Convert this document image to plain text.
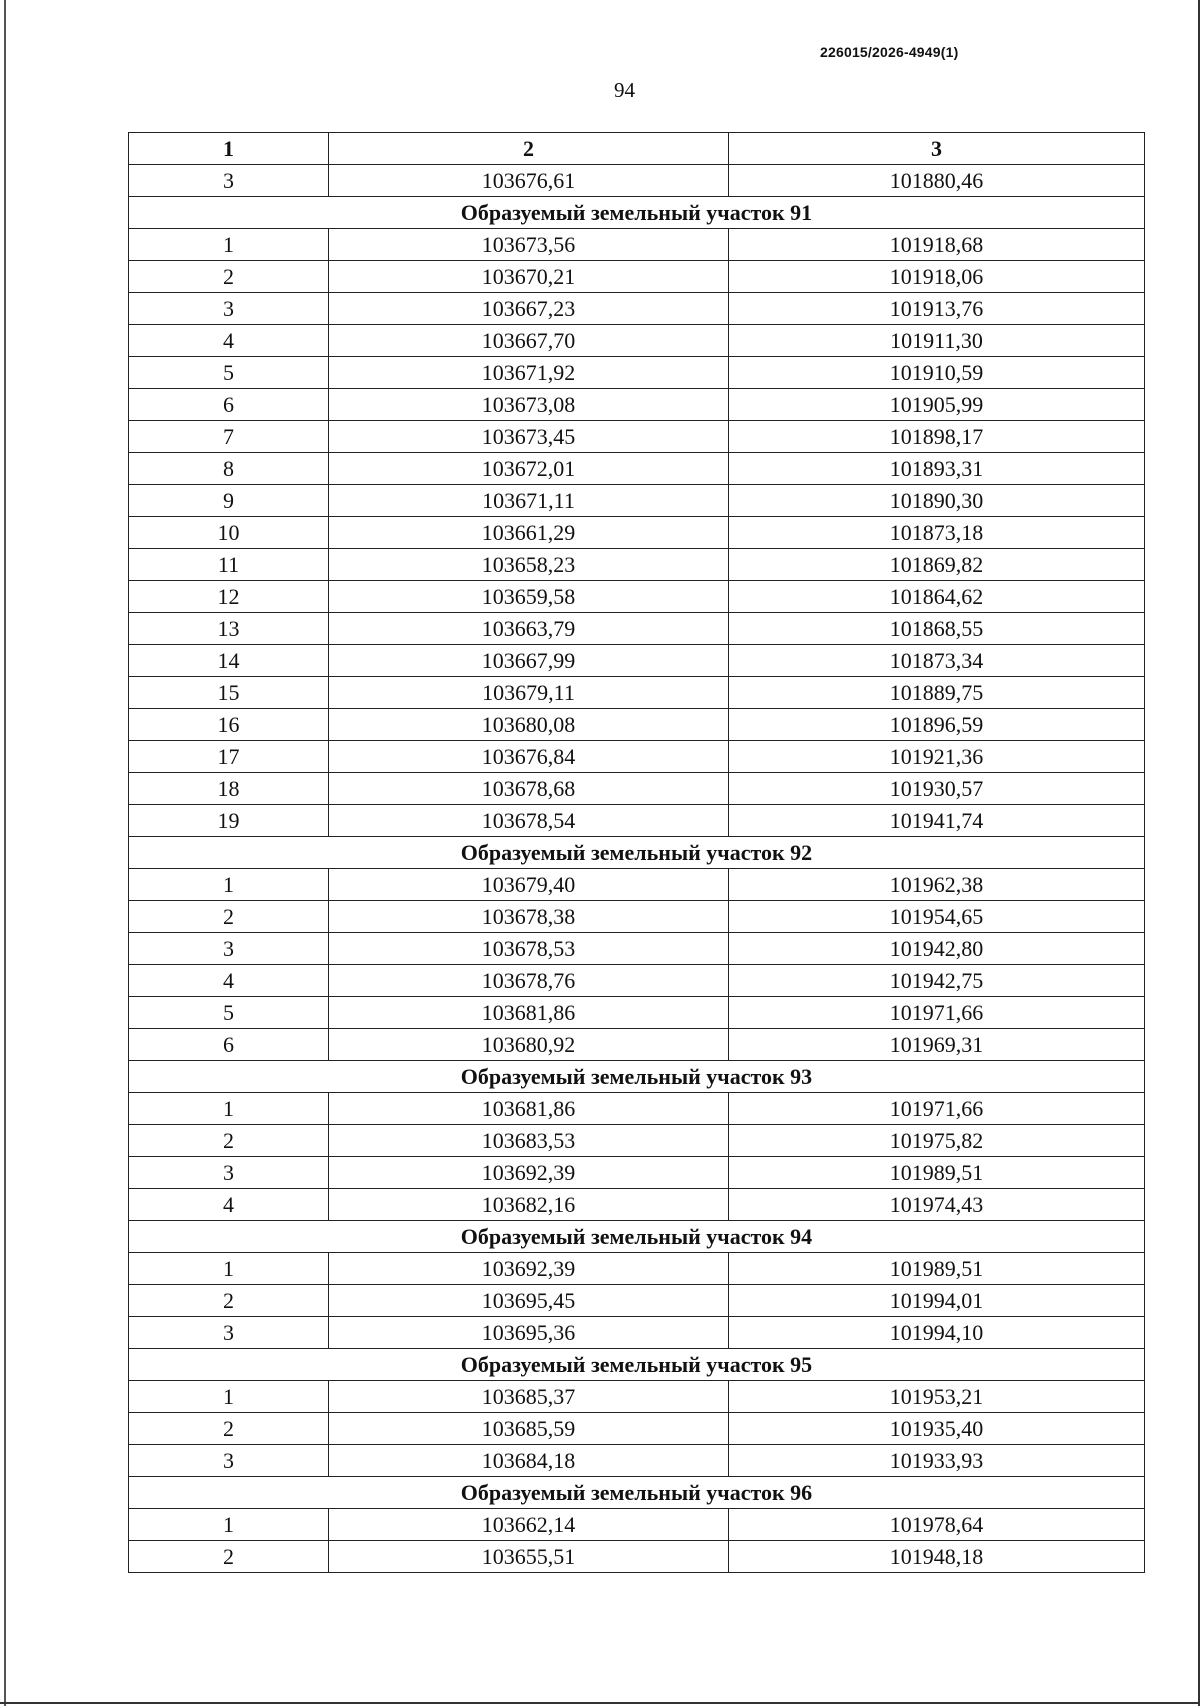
226015/2026-4949(1)
94
1	2	3
3	103676,61	101880,46
Образуемый земельный участок 91		
1	103673,56	101918,68
2	103670,21	101918,06
3	103667,23	101913,76
4	103667,70	101911,30
5	103671,92	101910,59
6	103673,08	101905,99
7	103673,45	101898,17
8	103672,01	101893,31
9	103671,11	101890,30
10	103661,29	101873,18
11	103658,23	101869,82
12	103659,58	101864,62
13	103663,79	101868,55
14	103667,99	101873,34
15	103679,11	101889,75
16	103680,08	101896,59
17	103676,84	101921,36
18	103678,68	101930,57
19	103678,54	101941,74
Образуемый земельный участок 92		
1	103679,40	101962,38
2	103678,38	101954,65
3	103678,53	101942,80
4	103678,76	101942,75
5	103681,86	101971,66
6	103680,92	101969,31
Образуемый земельный участок 93		
1	103681,86	101971,66
2	103683,53	101975,82
3	103692,39	101989,51
4	103682,16	101974,43
Образуемый земельный участок 94		
1	103692,39	101989,51
2	103695,45	101994,01
3	103695,36	101994,10
Образуемый земельный участок 95		
1	103685,37	101953,21
2	103685,59	101935,40
3	103684,18	101933,93
Образуемый земельный участок 96		
1	103662,14	101978,64
2	103655,51	101948,18
